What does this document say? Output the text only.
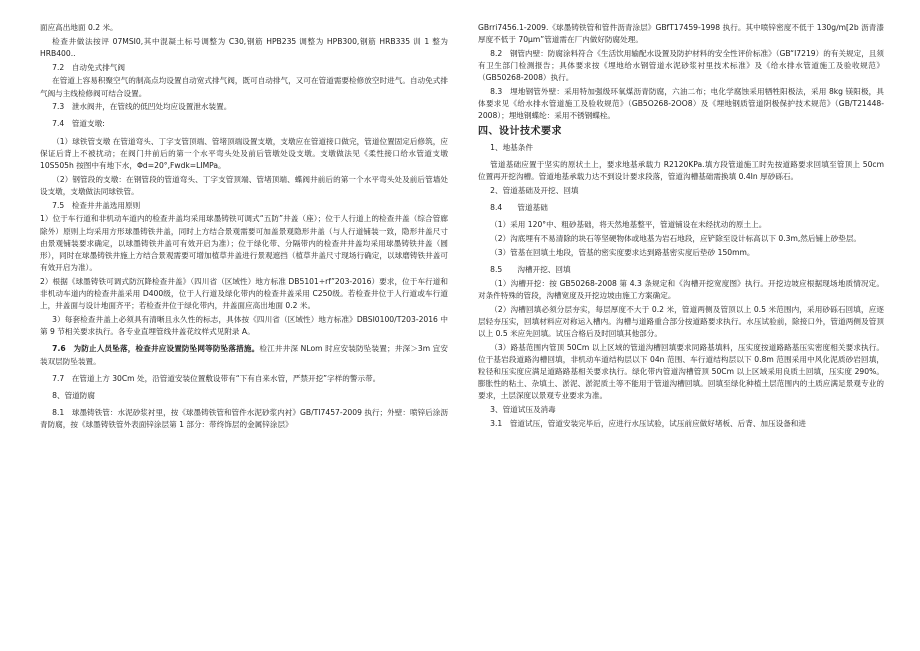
面应高出地面 0.2 米。

检查井做法按评 07MSI0,其中混凝土标号调整为 C30,钢筋 HPB235 调整为 HPB300,钢筋 HRB335 训 1 整为 HRB400..

7.2　自动免式排气阀

在管道上容易积聚空气的制高点均设置自动宽式排气阀，既可自动排气，又可在管道需要检修放空时进气。自动免式排气阀与主线检修阀可结合设置。

7.3　泄水阀井，在管线的低凹处均应设置泄水装置。

7.4　管道支墩:

（1）球铁管支墩 在管道弯头、丁字支管顶端、管堵顶端设置支墩，支墩应在管道接口做完，管道位置固定后修筑，应保证后背上不被扰动；在阀门井前后的第一个水平弯头处及前后管墩处设支墩。支墩做法见《柔性接口给水管道支墩 10S505h 按图中有地下水，Φd=20°,Fwdk=LIMPa。

（2）钢管段的支墩：在钢管段的管道弯头、丁字支管顶端、管堵顶端、蝶阀井前后的第一个水平弯头处及前后管墙处设支墩，支墩做法同球铁管。

7.5　检查井井盖选用原则

1）位于车行道和非机动车道内的检查井盖均采用球墨铸铁可调式“五防”井盖（座）；位于人行道上的检查井盖（综合管廊除外）原则上均采用方形球墨铸铁井盖，同时上方结合景观需要可加盖景观隐形井盖（与人行道铺装一致，隐形井盖尺寸由景观铺装要求确定，以球墨铸铁井盖可有效开启为准）；位于绿化带、分隔带内的检查井井盖均采用球墨铸铁井盖（圆形），同时在球墨铸铁井施上方结合景观需要可增加植草井盖进行景观遮挡（植草井盖尺寸现场行确定，以球磨铸铁井盖可有效开启为准）。

2）根据《球墨铸铁可调式防沉降检查井盖》（四川省（区域性）地方标准 DB5101÷rf”203-2016）要求，位于车行道和非机动车道内的检查井盖采用 D400级，位于人行道及绿化带内的检查井盖采用 C250级。若检查井位于人行道或车行道上，井盖面与设计地面齐平；若检查井位于绿化带内，井盖面应高出地面 0.2 米。

3）每套检查井盖上必须具有清晰且永久性的标志，具体按《四川省（区域性）地方标准》DBSI0100/T203-2016 中第 9 节相关要求执行。各专业直埋管线井盖花纹样式见附录 A。

7.6　为防止人员坠落，检查井应设置防坠网等防坠落措施。检江井井深 NLom 时应安装防坠装置；井深＞3m 宜安装双层防坠装置。

7.7　在管道上方 30Cm 处，沿管道安装位置敷设带有“下有自来水管，严禁开挖”字样的警示带。

8、管道防腐

8.1　球墨铸铁管：水泥砂浆衬里，按《球墨铸铁管和管件水泥砂浆内衬》GB/TI7457-2009 执行；外壁：喷锌后涂沥青防腐，按《球墨铸铁管外表面锌涂层第 1 部分：带终饰层的金属锌涂层》

GBrri7456.1-2009.《球墨铸铁管和管件沥青涂层》GBfT17459-1998 执行。其中喷锌密度不低于 130g∕m[2b 沥青漆厚度不低于 70μm”管道需在厂内做好防腐处理。

8.2　钢管内壁：防腐涂料符合《生活饮用输配水设置及防护材料的安全性评价标准》（GB“I7219）的有关规定，且须有卫生部门检测报告；具体要求按《埋地给水钢管道水泥砂浆衬里技术标准》及《给水排水管道施工及验收规范》（GB50268-2008）执行。

8.3　埋地钢管外壁：采用特加强级环氧煤沥青防腐，六油二布；电化学腐蚀采用牺牲阳极法，采用 8kg 镁阳极，具体要求见《给水排水管道施工及验收规范》（GB5O268-2OO8）及《埋地钢质管道阴极保护技术规范》（GB/T21448-2008）；埋地钢蝶纶：采用不锈钢蝶栓。

四、设计技术要求

1、地基条件

管道基础应置于坚实的原状土上，要求地基承载力 R2120KPa.填方段管道施工时先按道路要求回填至管顶上 50cm 位置再开挖沟槽。管道地基承载力达不到设计要求段落，管道沟槽基础需换填 0.4In 厚砂砾石。

2、管道基础及开挖、回填

8.4　　管道基础

（1）采用 120°中、粗砂基础，将天然地基整平，管道铺设在未经扰动的原土上。

（2）沟底埋有不易清除的块石等坚硬物体或地基为岩石地段，应铲除至设计标高以下 0.3m,然后铺上砂垫层。

（3）管基在回填土地段，管基的密实度要求达到路基密实度后垫砂 150mm。

8.5　　沟槽开挖、回填

（1）沟槽开挖：按 GB50268-2008 第 4.3 条规定和《沟槽开挖宽度图》执行。开挖边坡应根据现场地质情况定。对条件特殊的管段，沟槽宽度及开挖边坡由施工方案确定。

（2）沟槽回填必须分层夯实，每层厚度不大于 0.2 米，管道两侧及管顶以上 0.5 米范围内，采用砂砾石回填，应逐层轻夯压实，回填材料应对称运入槽内。沟槽与道路重合部分按道路要求执行。水压试验前，除接口外，管道两侧及管顶以上 0.5 米应先回填。试压合格后及时回填其他部分。

（3）路基范围内管顶 50Cm 以上区域的管道沟槽回填要求同路基填料，压实度按道路路基压实密度相关要求执行。位于基岩段道路沟槽回填，非机动车道结构层以下 04n 范围、车行道结构层以下 0.8m 范围采用中风化泥质砂岩回填，粒径和压实度应满足道路路基相关要求执行。绿化带内管道沟槽管顶 50Cm 以上区域采用良质土回填，压实度 290%。膨胀性的粘土、杂填土、淤泥、淤泥质土等不能用于管道沟槽回填。回填至绿化种植土层范围内的土质应满足景观专业的要求，土层深度以景观专业要求为准。

3、管道试压及消毒

3.1　管道试压，管道安装完毕后，应进行水压试验，试压前应做好堵板、后背、加压设备和进
